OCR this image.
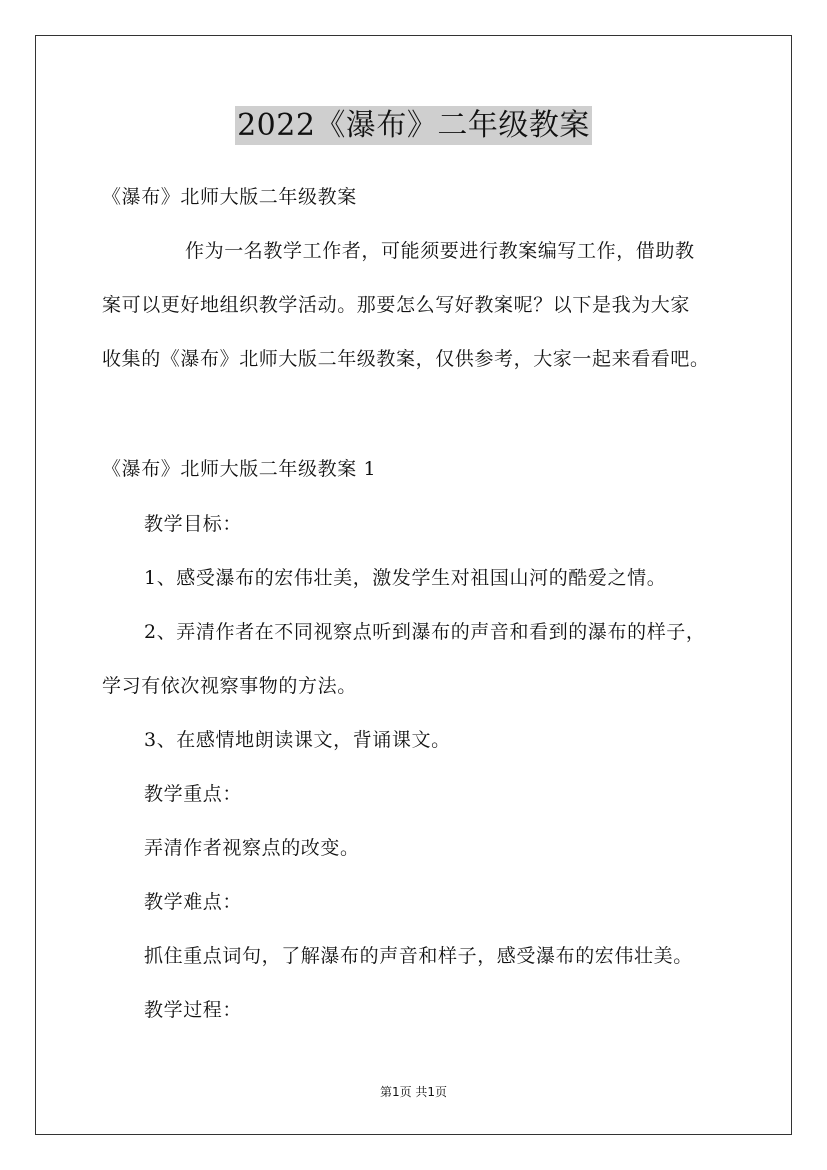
2022《瀑布》二年级教案
《瀑布》北师大版二年级教案
作为一名教学工作者，可能须要进行教案编写工作，借助教
案可以更好地组织教学活动。那要怎么写好教案呢？以下是我为大家
收集的《瀑布》北师大版二年级教案，仅供参考，大家一起来看看吧。
《瀑布》北师大版二年级教案 1
教学目标：
1、感受瀑布的宏伟壮美，激发学生对祖国山河的酷爱之情。
2、弄清作者在不同视察点听到瀑布的声音和看到的瀑布的样子，
学习有依次视察事物的方法。
3、在感情地朗读课文，背诵课文。
教学重点：
弄清作者视察点的改变。
教学难点：
抓住重点词句，了解瀑布的声音和样子，感受瀑布的宏伟壮美。
教学过程：
第1页 共1页
